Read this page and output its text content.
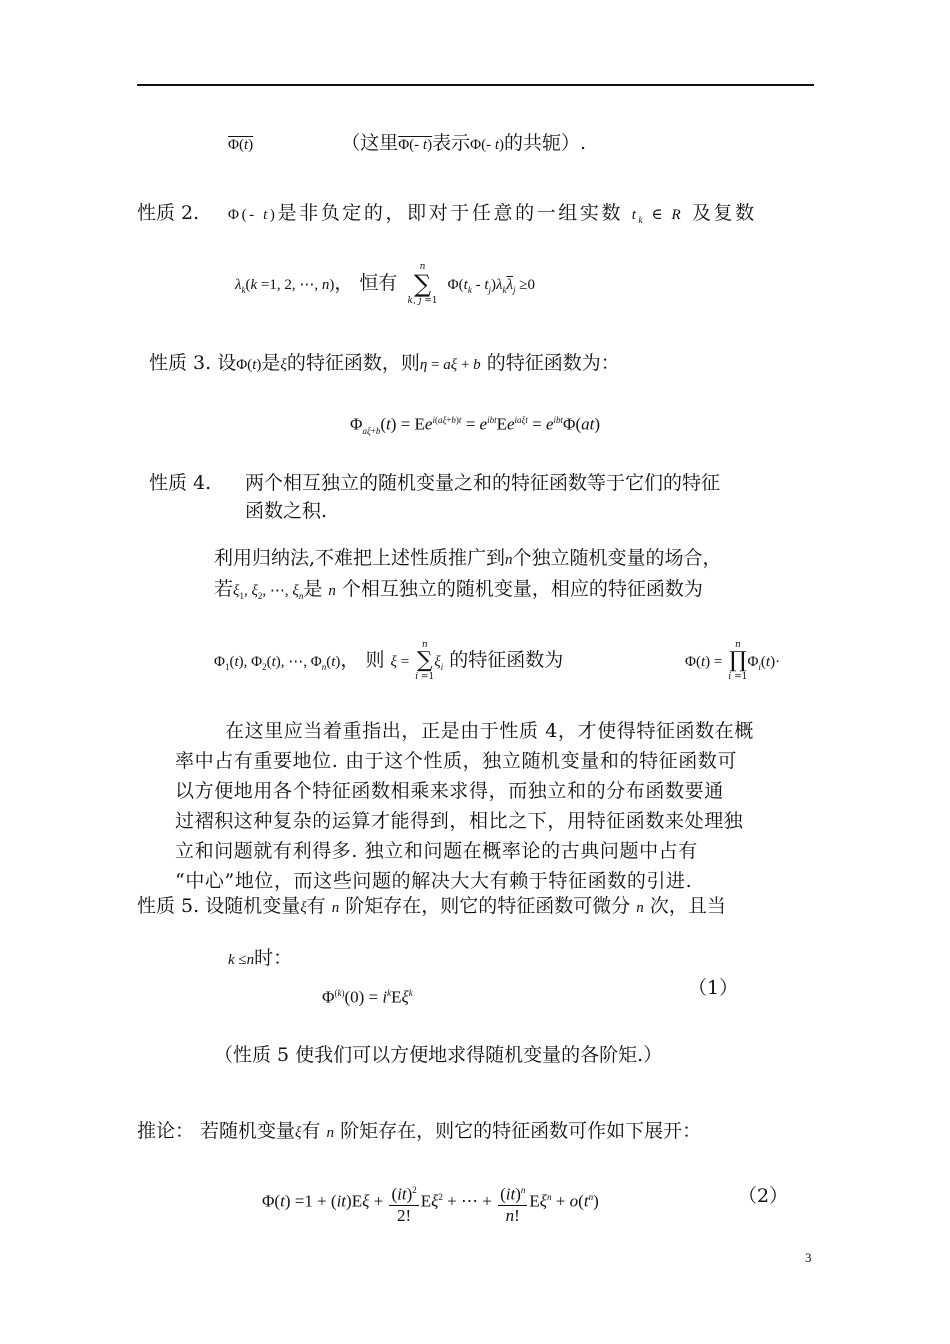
Φ(t)	（这里Φ(‑ t)表示Φ(‑ t)的共轭）.
性质 2. Φ(‑ t)是非负定的，即对于任意的一组实数 $t_k$ ∈ R 及复数
$\lambda_k(k =1$, 2, ⋯, n)， 恒有 n
∑
k, j =1 $\Phi(t_k$ ‑ $t_j)\lambda_k\overline{\lambda}_j \ge 0$
性质 3. 设Φ(t)是ξ的特征函数，则η = aξ + b 的特征函数为：
$\Phi_{a\xi+b}(t) = Ee^{i(a\xi+b)t} = e^{ibt}Ee^{ia\xi t} = e^{ibt}\Phi(at)$
性质 4. 两个相互独立的随机变量之和的特征函数等于它们的特征
函数之积.
利用归纳法,不难把上述性质推广到n个独立随机变量的场合，
若$\xi_1$, $\xi_2$, ⋯, $\xi_n$是 n 个相互独立的随机变量，相应的特征函数为
$\Phi_1(t)$, $\Phi_2(t)$, ⋯, $\Phi_n(t)$， 则 ξ = n
∑
$i =1\xi_i$ 的特征函数为	Φ(t) = n
∏
$i =1\Phi_i(t)\cdot$
在这里应当着重指出，正是由于性质 4，才使得特征函数在概
率中占有重要地位. 由于这个性质，独立随机变量和的特征函数可
以方便地用各个特征函数相乘来求得，而独立和的分布函数要通
过褶积这种复杂的运算才能得到，相比之下，用特征函数来处理独
立和问题就有利得多. 独立和问题在概率论的古典问题中占有
“中心”地位，而这些问题的解决大大有赖于特征函数的引进.
性质 5. 设随机变量ξ有 n 阶矩存在，则它的特征函数可微分 n 次，且当
k ≤n时：
$\Phi^{(k)}(0) = i^kE\xi^k$	（1）
（性质 5 使我们可以方便地求得随机变量的各阶矩.）
推论： 若随机变量ξ有 n 阶矩存在，则它的特征函数可作如下展开：
$\Phi(t) =1 + (it)E\xi + \frac{(it)^2}{2!} E\xi^2$ + ⋯ + $\frac{(it)^n}{n!} E\xi^n + o(t^n)$	（2）
3
